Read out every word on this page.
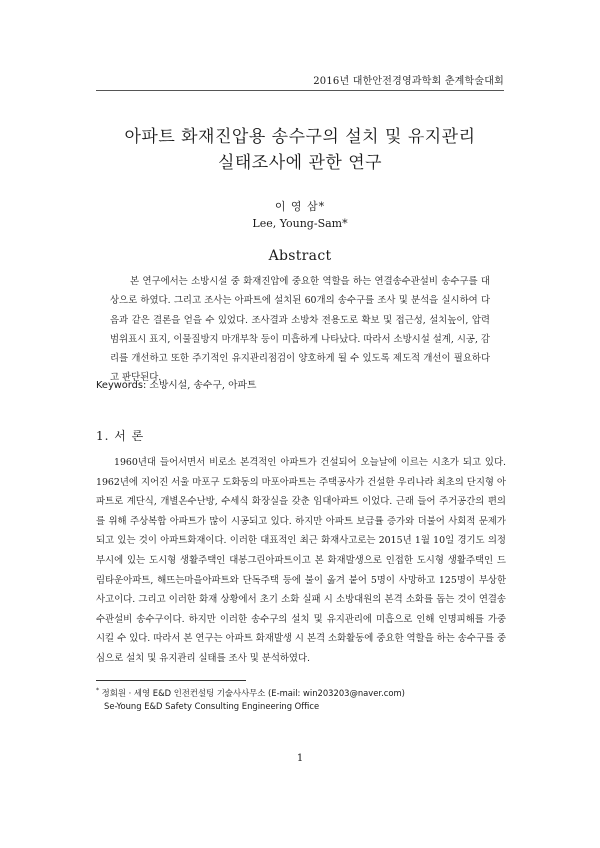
2016년 대한안전경영과학회 춘계학술대회
아파트 화재진압용 송수구의 설치 및 유지관리
실태조사에 관한 연구
이 영 삼*
Lee, Young-Sam*
Abstract

본 연구에서는 소방시설 중 화재진압에 중요한 역할을 하는 연결송수관설비 송수구를 대상으로 하였다. 그리고 조사는 아파트에 설치된 60개의 송수구를 조사 및 분석을 실시하여 다음과 같은 결론을 얻을 수 있었다. 조사결과 소방차 전용도로 확보 및 접근성, 설치높이, 압력범위표시 표지, 이물질방지 마개부착 등이 미흡하게 나타났다. 따라서 소방시설 설계, 시공, 감리를 개선하고 또한 주기적인 유지관리점검이 양호하게 될 수 있도록 제도적 개선이 필요하다고 판단된다.

Keywords: 소방시설, 송수구, 아파트
1. 서 론

1960년대 들어서면서 비로소 본격적인 아파트가 건설되어 오늘날에 이르는 시초가 되고 있다. 1962년에 지어진 서울 마포구 도화동의 마포아파트는 주택공사가 건설한 우리나라 최초의 단지형 아파트로 계단식, 개별온수난방, 수세식 화장실을 갖춘 임대아파트 이었다. 근래 들어 주거공간의 편의를 위해 주상복합 아파트가 많이 시공되고 있다. 하지만 아파트 보급률 증가와 더불어 사회적 문제가 되고 있는 것이 아파트화재이다. 이러한 대표적인 최근 화재사고로는 2015년 1월 10일 경기도 의정부시에 있는 도시형 생활주택인 대봉그린아파트이고 본 화재발생으로 인접한 도시형 생활주택인 드림타운아파트, 해뜨는마을아파트와 단독주택 등에 불이 옮겨 붙어 5명이 사망하고 125명이 부상한 사고이다. 그리고 이러한 화재 상황에서 초기 소화 실패 시 소방대원의 본격 소화를 돕는 것이 연결송수관설비 송수구이다. 하지만 이러한 송수구의 설치 및 유지관리에 미흡으로 인해 인명피해를 가중 시킬 수 있다. 따라서 본 연구는 아파트 화재발생 시 본격 소화활동에 중요한 역할을 하는 송수구를 중심으로 설치 및 유지관리 실태를 조사 및 분석하였다.

* 정회원 · 세영 E&D 인전컨설팅 기술사사무소 (E-mail: win203203@naver.com)
Se-Young E&D Safety Consulting Engineering Office
1
